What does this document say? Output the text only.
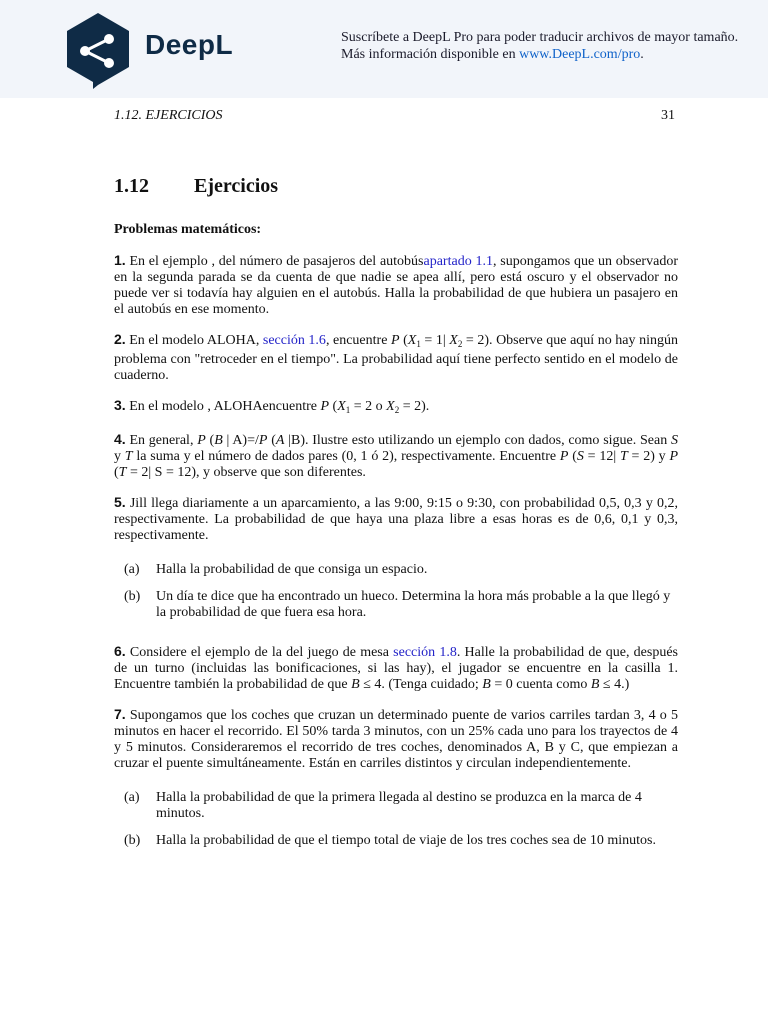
DeepL	Suscríbete a DeepL Pro para poder traducir archivos de mayor tamaño.
Más información disponible en www.DeepL.com/pro.
1.12. EJERCICIOS	31
1.12 Ejercicios

Problemas matemáticos:

1. En el ejemplo , del número de pasajeros del autobúsapartado 1.1, supongamos que un observador en la segunda parada se da cuenta de que nadie se apea allí, pero está oscuro y el observador no puede ver si todavía hay alguien en el autobús. Halla la probabilidad de que hubiera un pasajero en el autobús en ese momento.

2. En el modelo ALOHA, sección 1.6, encuentre P ($X_1 = 1|$ $X_2 = 2$). Observe que aquí no hay ningún problema con "retroceder en el tiempo". La probabilidad aquí tiene perfecto sentido en el modelo de cuaderno.

3. En el modelo , ALOHAencuentre P ($X_1 = 2$ o $X_2 = 2$).

4. En general, P (B | A)=/P (A |B). Ilustre esto utilizando un ejemplo con dados, como sigue. Sean S y T la suma y el número de dados pares (0, 1 ó 2), respectivamente. Encuentre P (S = 12| T = 2) y P (T = 2| S = 12), y observe que son diferentes.

5. Jill llega diariamente a un aparcamiento, a las 9:00, 9:15 o 9:30, con probabilidad 0,5, 0,3 y 0,2, respectivamente. La probabilidad de que haya una plaza libre a esas horas es de 0,6, 0,1 y 0,3, respectivamente.

(a) Halla la probabilidad de que consiga un espacio.
(b) Un día te dice que ha encontrado un hueco. Determina la hora más probable a la que llegó y la probabilidad de que fuera esa hora.

6. Considere el ejemplo de la del juego de mesa sección 1.8. Halle la probabilidad de que, después de un turno (incluidas las bonificaciones, si las hay), el jugador se encuentre en la casilla 1. Encuentre también la probabilidad de que B ≤ 4. (Tenga cuidado; B = 0 cuenta como B ≤ 4.)

7. Supongamos que los coches que cruzan un determinado puente de varios carriles tardan 3, 4 o 5 minutos en hacer el recorrido. El 50% tarda 3 minutos, con un 25% cada uno para los trayectos de 4 y 5 minutos. Consideraremos el recorrido de tres coches, denominados A, B y C, que empiezan a cruzar el puente simultáneamente. Están en carriles distintos y circulan independientemente.

(a) Halla la probabilidad de que la primera llegada al destino se produzca en la marca de 4 minutos.
(b) Halla la probabilidad de que el tiempo total de viaje de los tres coches sea de 10 minutos.
